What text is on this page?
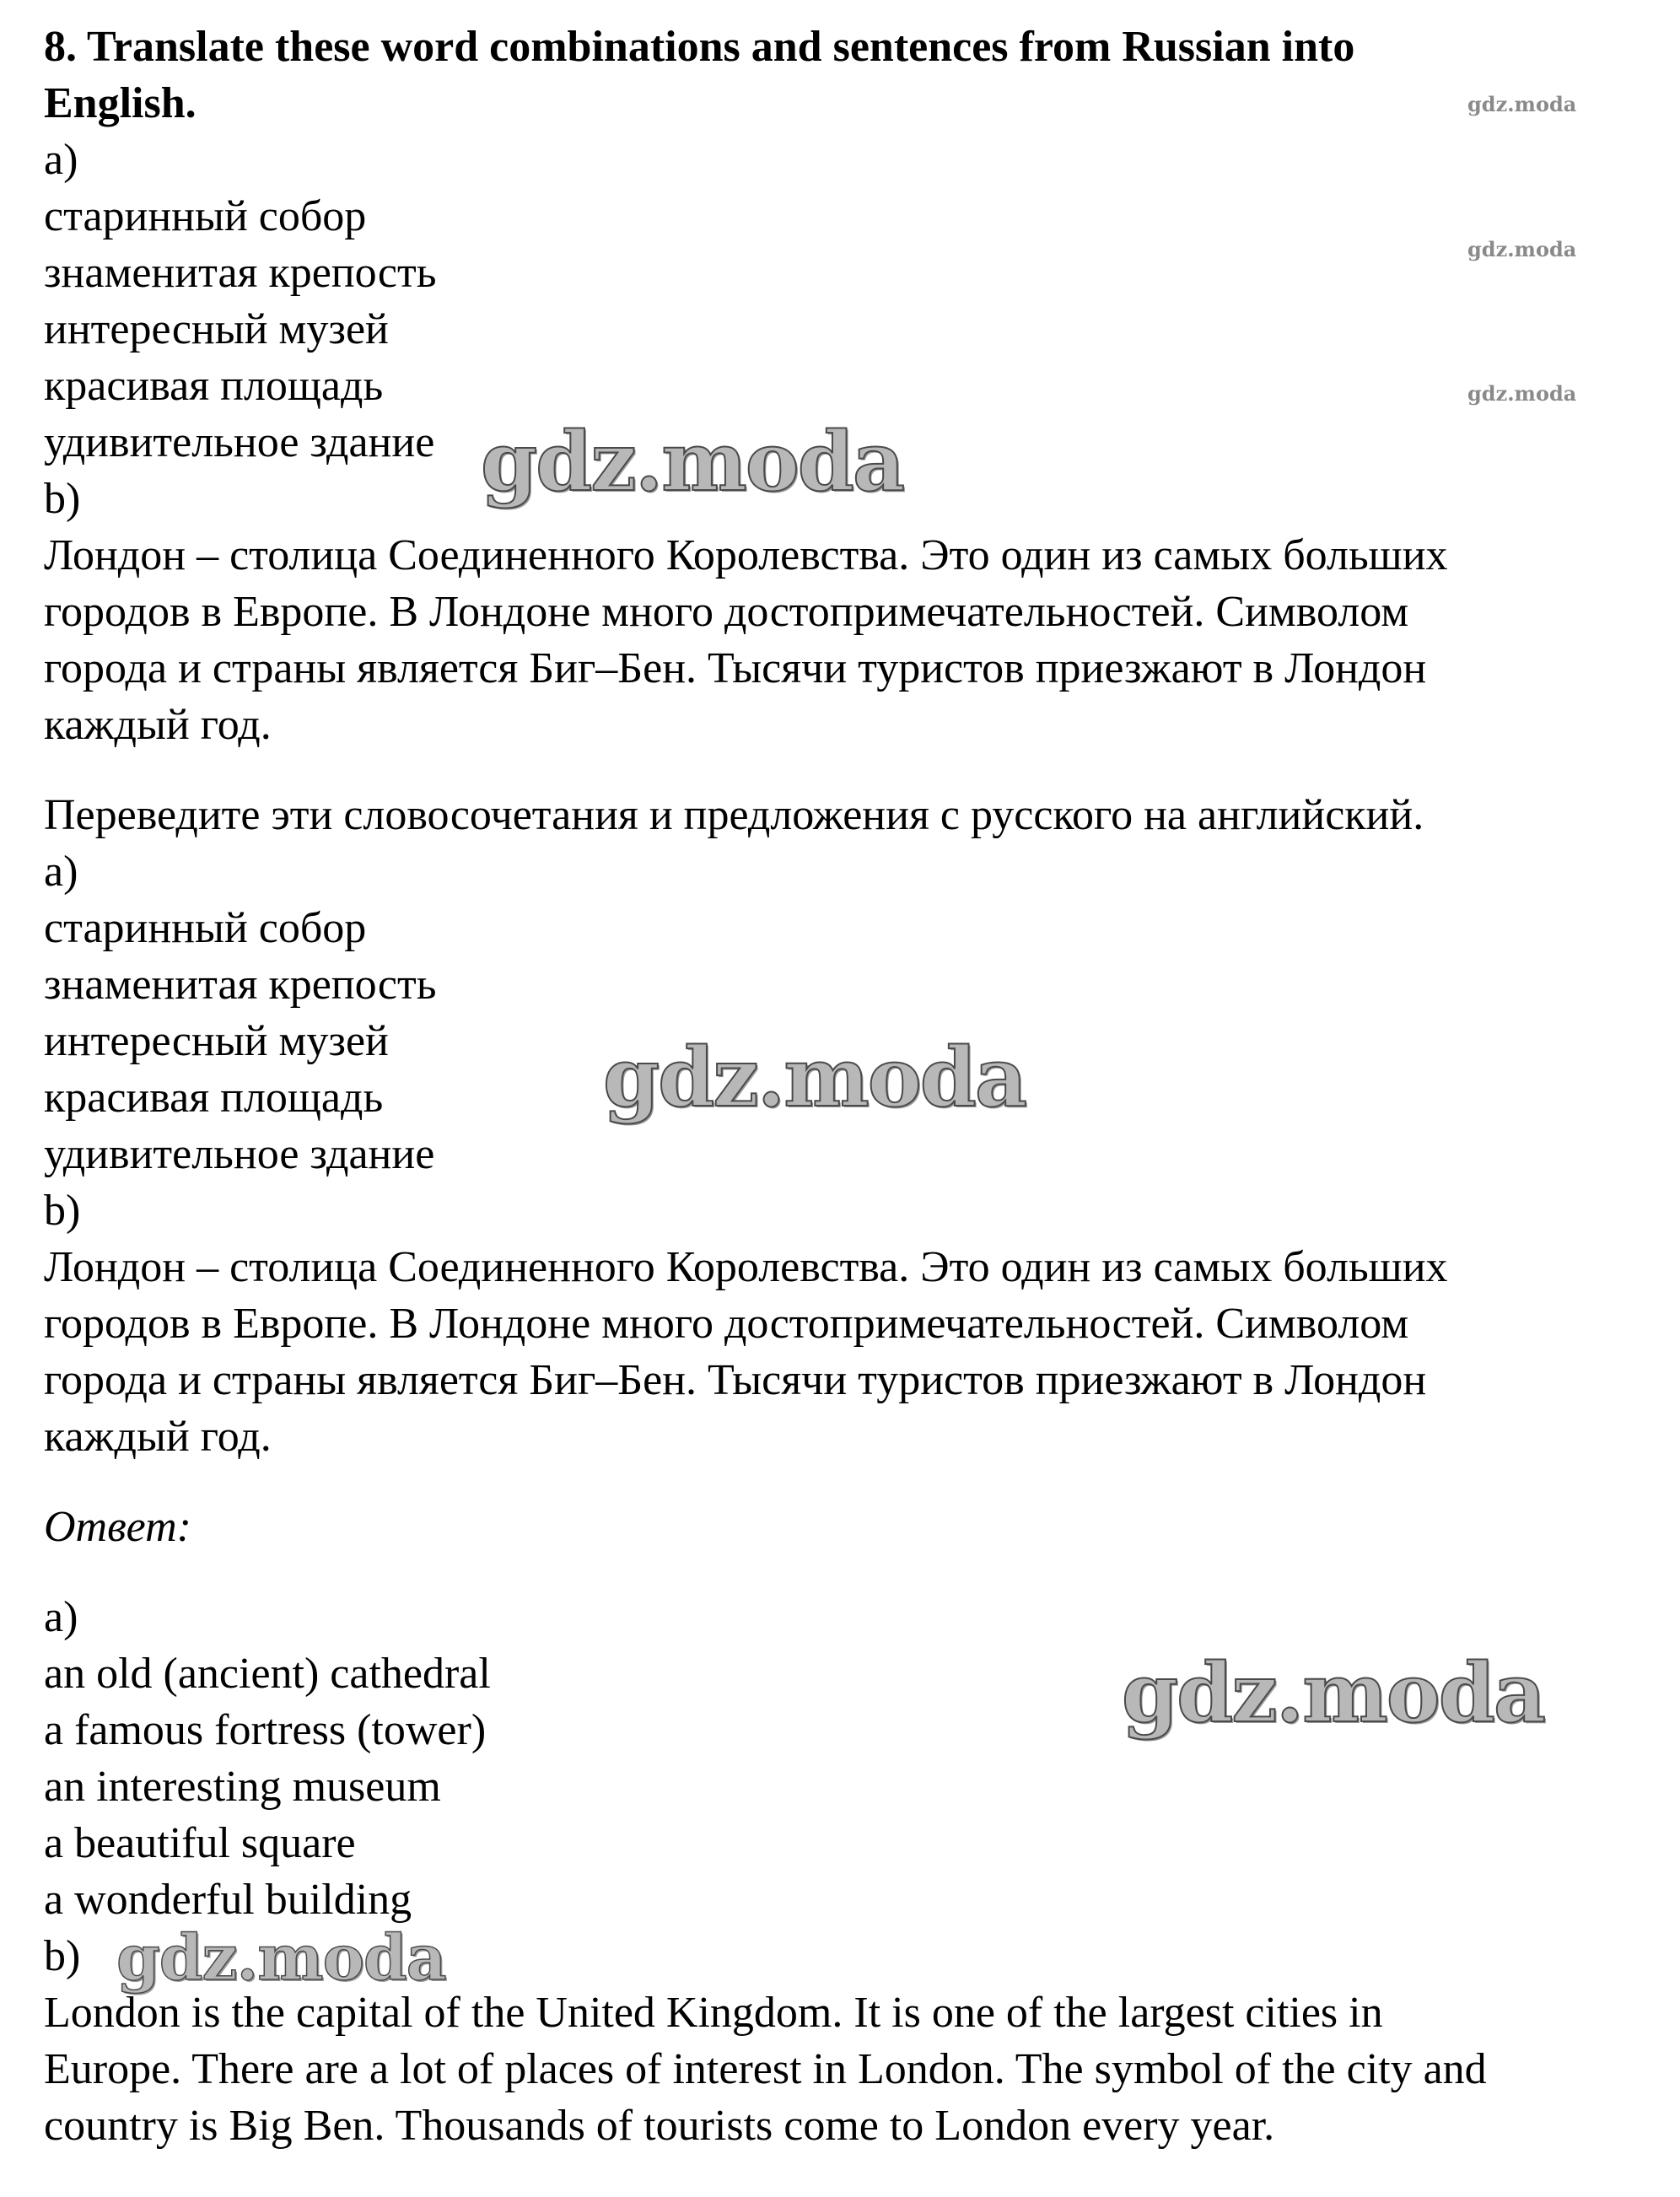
8. Translate these word combinations and sentences from Russian into
English.
a)
старинный собор
знаменитая крепость
интересный музей
красивая площадь
удивительное здание
b)
Лондон – столица Соединенного Королевства. Это один из самых больших
городов в Европе. В Лондоне много достопримечательностей. Символом
города и страны является Биг–Бен. Тысячи туристов приезжают в Лондон
каждый год.
Переведите эти словосочетания и предложения с русского на английский.
a)
старинный собор
знаменитая крепость
интересный музей
красивая площадь
удивительное здание
b)
Лондон – столица Соединенного Королевства. Это один из самых больших
городов в Европе. В Лондоне много достопримечательностей. Символом
города и страны является Биг–Бен. Тысячи туристов приезжают в Лондон
каждый год.
Ответ:
a)
an old (ancient) cathedral
a famous fortress (tower)
an interesting museum
a beautiful square
a wonderful building
b)
London is the capital of the United Kingdom. It is one of the largest cities in
Europe. There are a lot of places of interest in London. The symbol of the city and
country is Big Ben. Thousands of tourists come to London every year.
gdz.moda
gdz.moda
gdz.moda
gdz.moda
gdz.moda
gdz.moda
gdz.moda
